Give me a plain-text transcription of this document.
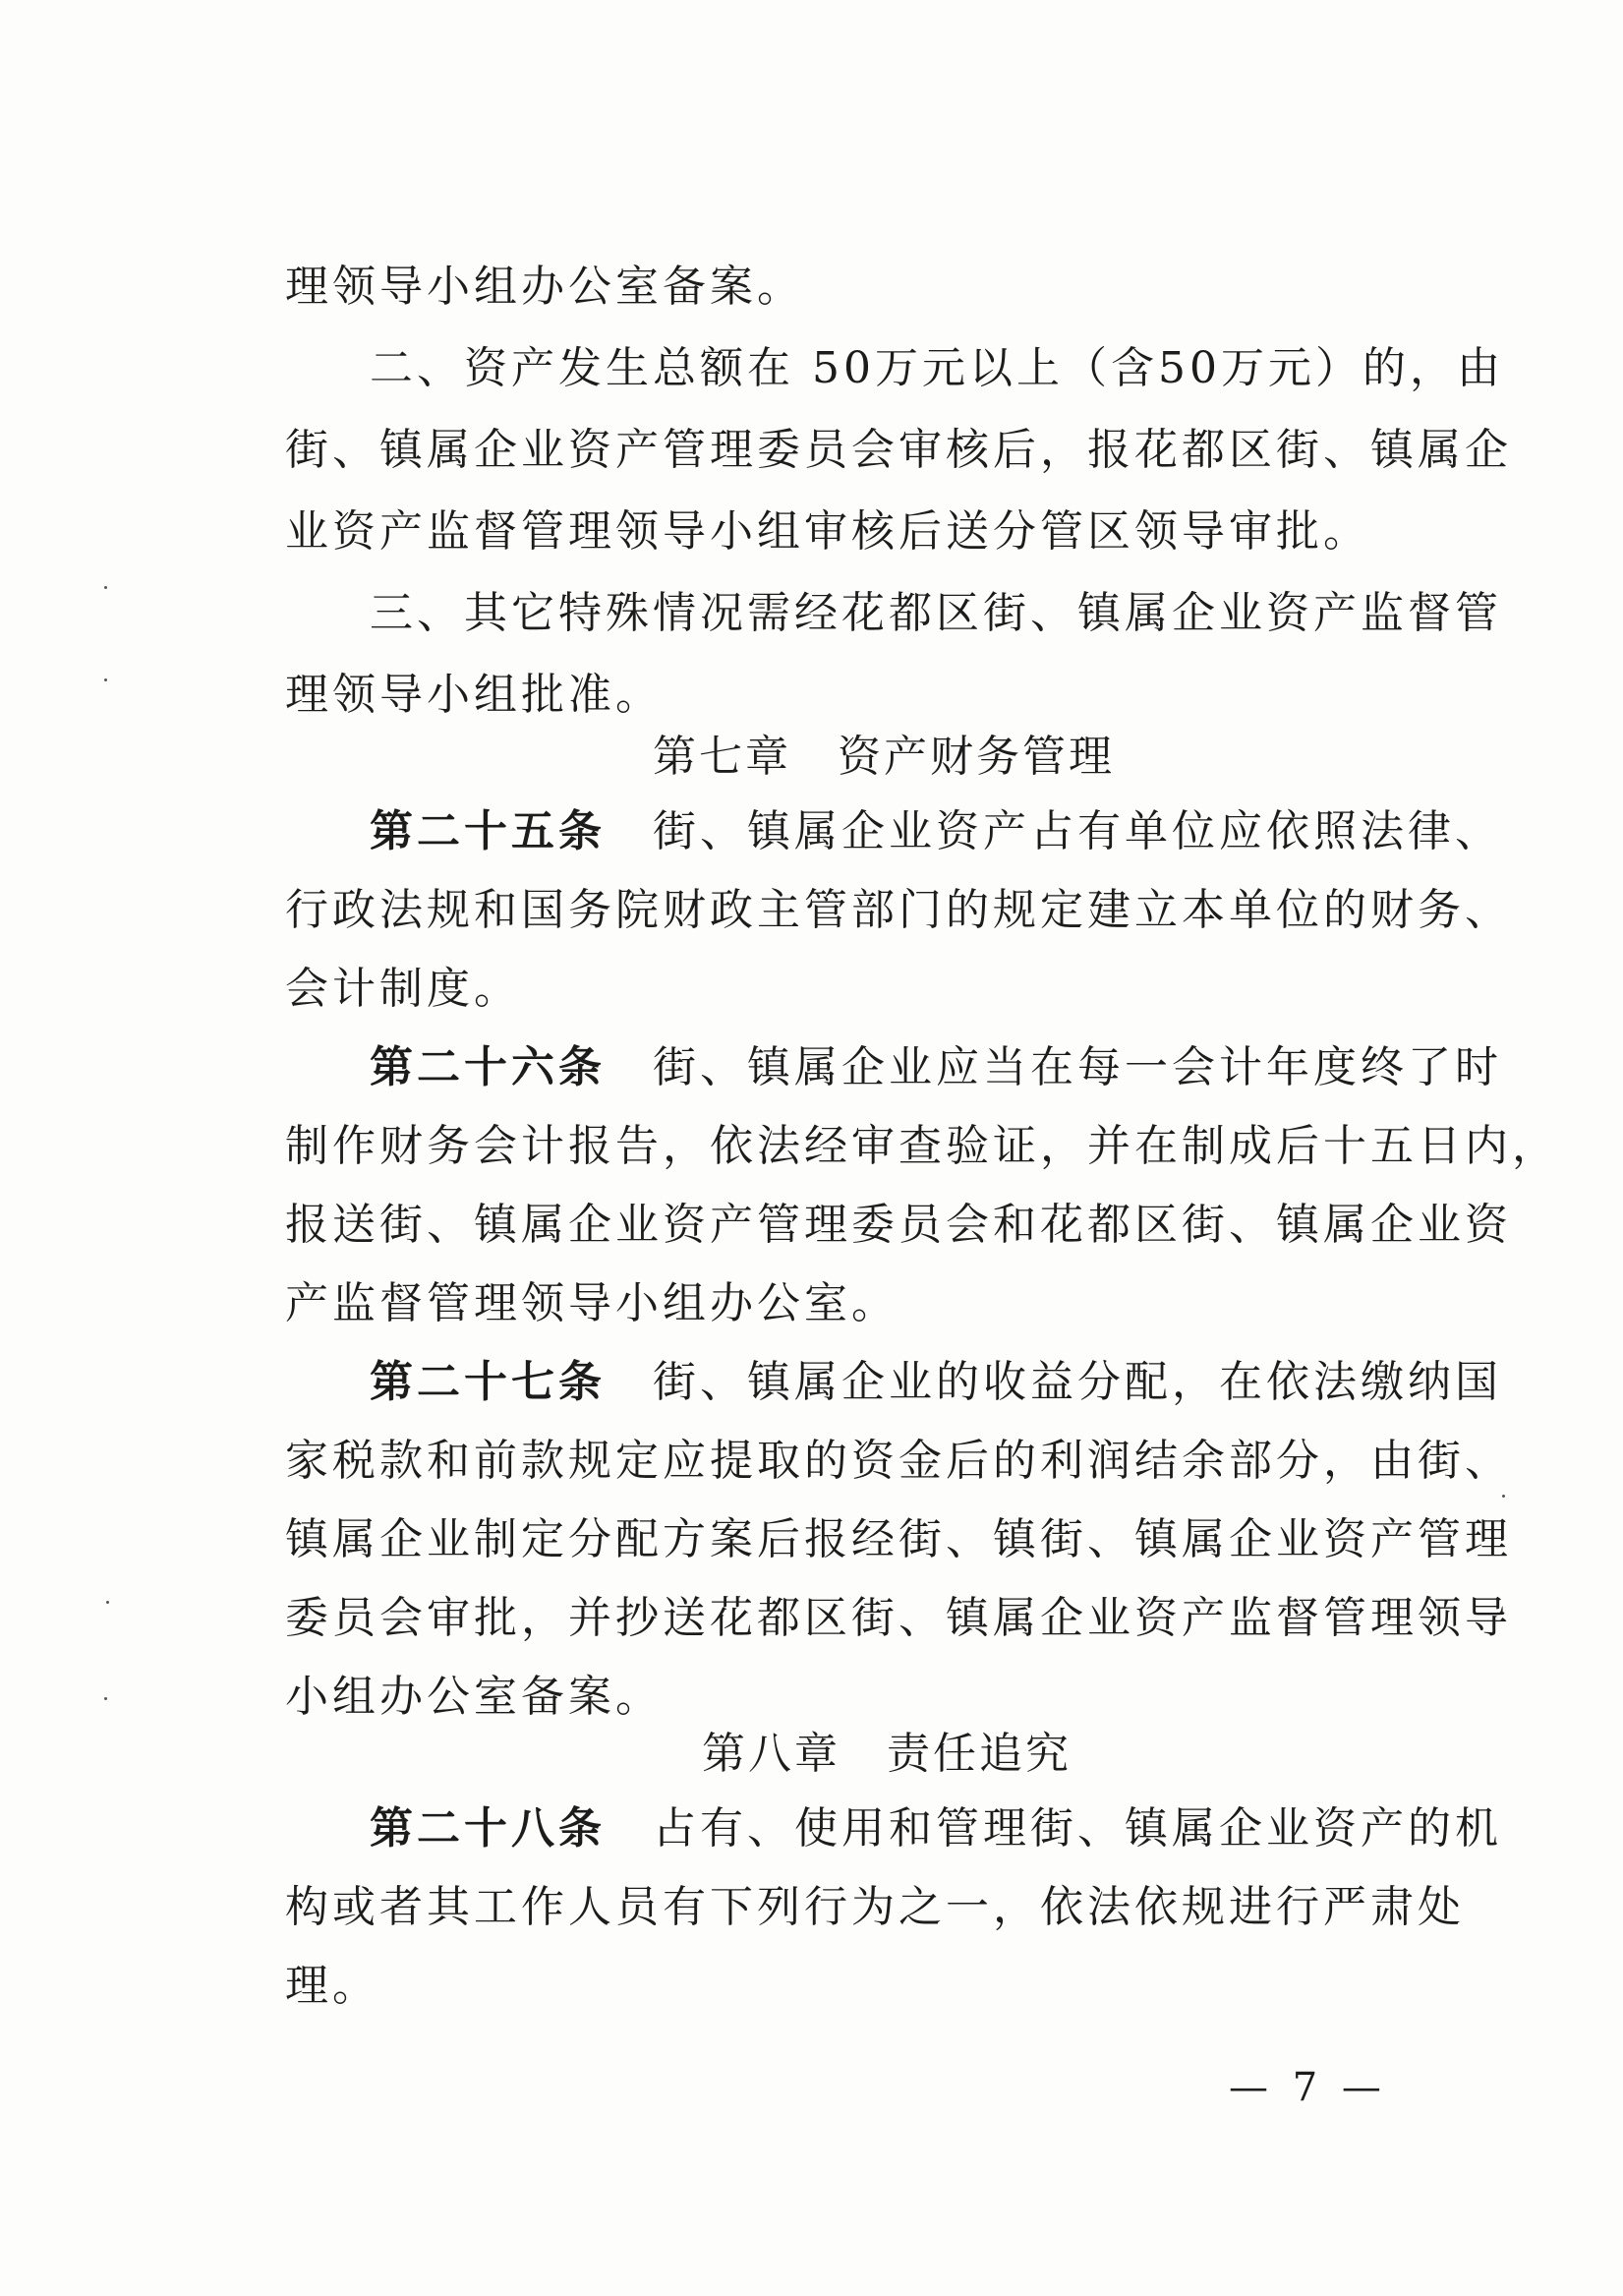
理领导小组办公室备案。
二、资产发生总额在 50万元以上（含50万元）的，由
街、镇属企业资产管理委员会审核后，报花都区街、镇属企
业资产监督管理领导小组审核后送分管区领导审批。
三、其它特殊情况需经花都区街、镇属企业资产监督管
理领导小组批准。
第七章　资产财务管理
第二十五条　街、镇属企业资产占有单位应依照法律、
行政法规和国务院财政主管部门的规定建立本单位的财务、
会计制度。
第二十六条　街、镇属企业应当在每一会计年度终了时
制作财务会计报告，依法经审查验证，并在制成后十五日内，
报送街、镇属企业资产管理委员会和花都区街、镇属企业资
产监督管理领导小组办公室。
第二十七条　街、镇属企业的收益分配，在依法缴纳国
家税款和前款规定应提取的资金后的利润结余部分，由街、
镇属企业制定分配方案后报经街、镇街、镇属企业资产管理
委员会审批，并抄送花都区街、镇属企业资产监督管理领导
小组办公室备案。
第八章　责任追究
第二十八条　占有、使用和管理街、镇属企业资产的机
构或者其工作人员有下列行为之一，依法依规进行严肃处
理。
— 7 —
